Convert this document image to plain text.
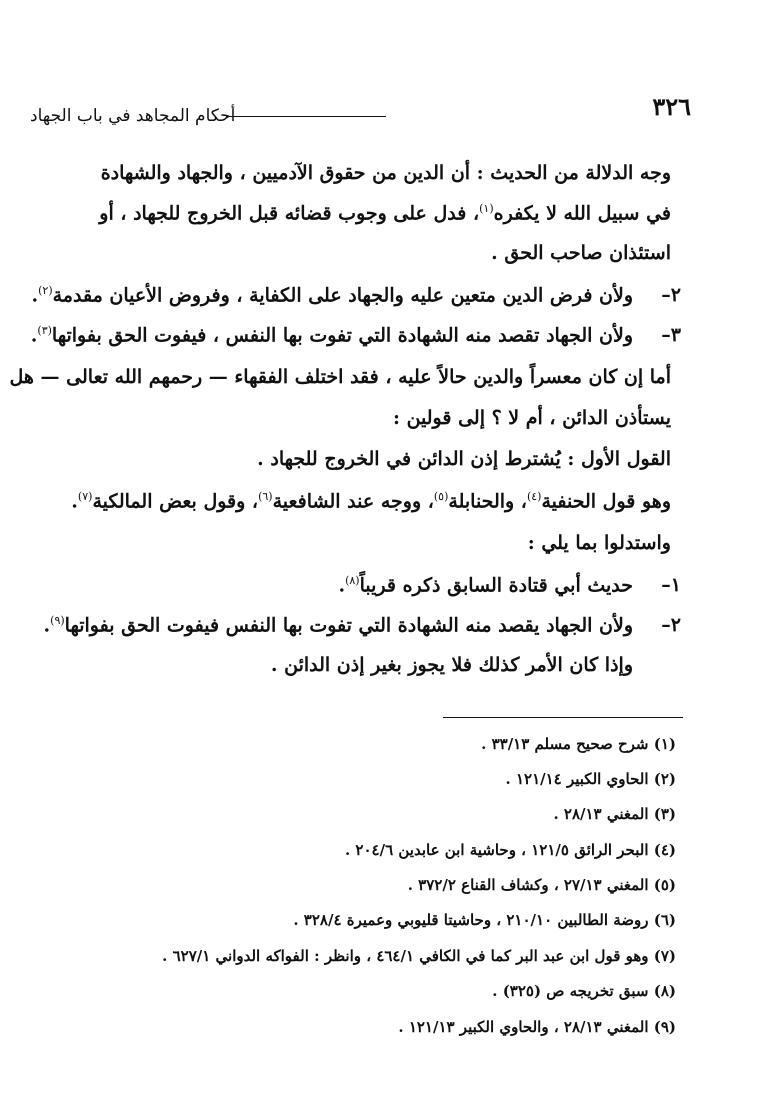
٣٢٦
أحكام المجاهد في باب الجهاد
وجه الدلالة من الحديث : أن الدين من حقوق الآدميين ، والجهاد والشهادة
في سبيل الله لا يكفره$^{(١)}$، فدل على وجوب قضائه قبل الخروج للجهاد ، أو
استئذان صاحب الحق .
٢–ولأن فرض الدين متعين عليه والجهاد على الكفاية ، وفروض الأعيان مقدمة$^{(٢)}$.
٣–ولأن الجهاد تقصد منه الشهادة التي تفوت بها النفس ، فيفوت الحق بفواتها$^{(٣)}$.
أما إن كان معسراً والدين حالاً عليه ، فقد اختلف الفقهاء — رحمهم الله تعالى — هل
يستأذن الدائن ، أم لا ؟ إلى قولين :
القول الأول : يُشترط إذن الدائن في الخروج للجهاد .
وهو قول الحنفية$^{(٤)}$، والحنابلة$^{(٥)}$، ووجه عند الشافعية$^{(٦)}$، وقول بعض المالكية$^{(٧)}$.
واستدلوا بما يلي :
١–حديث أبي قتادة السابق ذكره قريباً$^{(٨)}$.
٢–ولأن الجهاد يقصد منه الشهادة التي تفوت بها النفس فيفوت الحق بفواتها$^{(٩)}$.
وإذا كان الأمر كذلك فلا يجوز بغير إذن الدائن .
(١) شرح صحيح مسلم ٣٣/١٣ .
(٢) الحاوي الكبير ١٢١/١٤ .
(٣) المغني ٢٨/١٣ .
(٤) البحر الرائق ١٢١/٥ ، وحاشية ابن عابدين ٢٠٤/٦ .
(٥) المغني ٢٧/١٣ ، وكشاف القناع ٣٧٢/٢ .
(٦) روضة الطالبين ٢١٠/١٠ ، وحاشيتا قليوبي وعميرة ٣٢٨/٤ .
(٧) وهو قول ابن عبد البر كما في الكافي ٤٦٤/١ ، وانظر : الفواكه الدواني ٦٢٧/١ .
(٨) سبق تخريجه ص (٣٢٥) .
(٩) المغني ٢٨/١٣ ، والحاوي الكبير ١٢١/١٣ .
